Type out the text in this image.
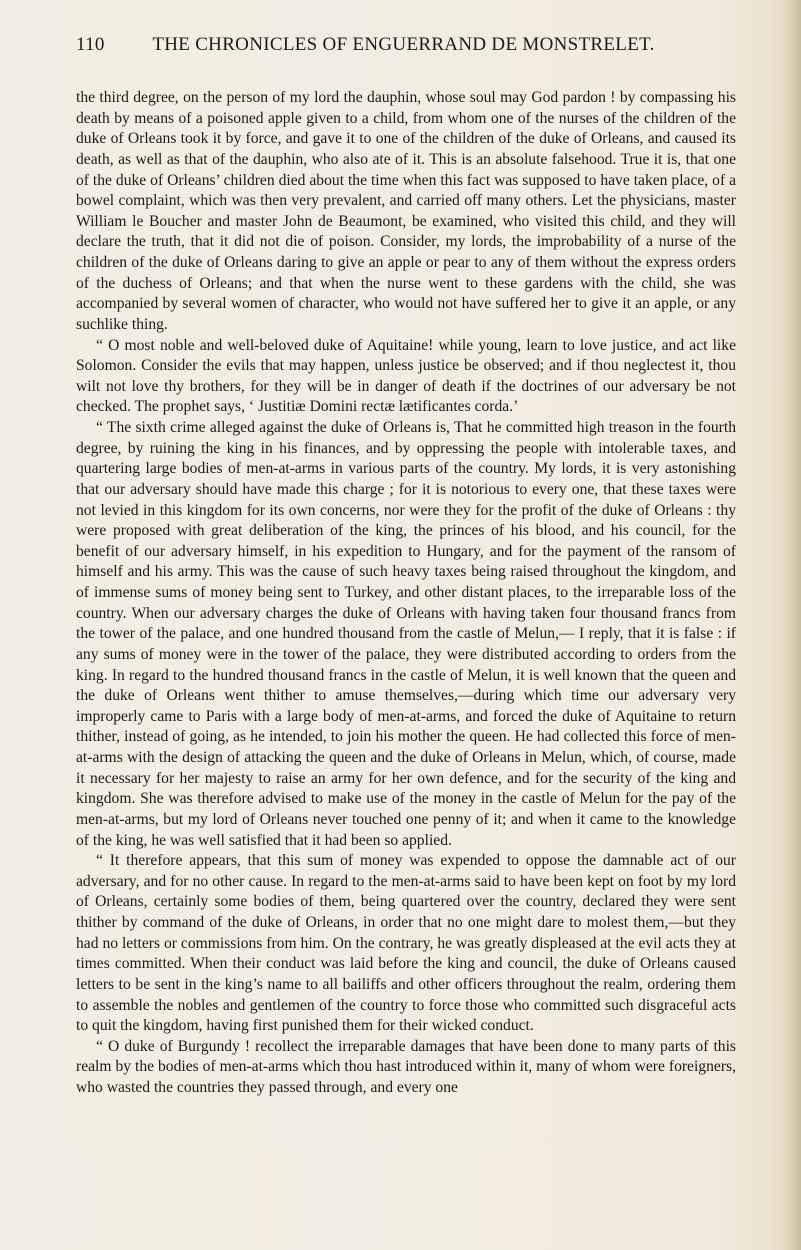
110	THE CHRONICLES OF ENGUERRAND DE MONSTRELET.

the third degree, on the person of my lord the dauphin, whose soul may God pardon ! by compassing his death by means of a poisoned apple given to a child, from whom one of the nurses of the children of the duke of Orleans took it by force, and gave it to one of the children of the duke of Orleans, and caused its death, as well as that of the dauphin, who also ate of it. This is an absolute falsehood. True it is, that one of the duke of Orleans’ children died about the time when this fact was supposed to have taken place, of a bowel complaint, which was then very prevalent, and carried off many others. Let the physicians, master William le Boucher and master John de Beaumont, be examined, who visited this child, and they will declare the truth, that it did not die of poison. Consider, my lords, the improbability of a nurse of the children of the duke of Orleans daring to give an apple or pear to any of them without the express orders of the duchess of Orleans; and that when the nurse went to these gardens with the child, she was accompanied by several women of character, who would not have suffered her to give it an apple, or any suchlike thing.

“ O most noble and well-beloved duke of Aquitaine! while young, learn to love justice, and act like Solomon. Consider the evils that may happen, unless justice be observed; and if thou neglectest it, thou wilt not love thy brothers, for they will be in danger of death if the doctrines of our adversary be not checked. The prophet says, ‘ Justitiæ Domini rectæ lætificantes corda.’

“ The sixth crime alleged against the duke of Orleans is, That he committed high treason in the fourth degree, by ruining the king in his finances, and by oppressing the people with intolerable taxes, and quartering large bodies of men-at-arms in various parts of the country. My lords, it is very astonishing that our adversary should have made this charge ; for it is notorious to every one, that these taxes were not levied in this kingdom for its own concerns, nor were they for the profit of the duke of Orleans : thy were proposed with great deliberation of the king, the princes of his blood, and his council, for the benefit of our adversary himself, in his expedition to Hungary, and for the payment of the ransom of himself and his army. This was the cause of such heavy taxes being raised throughout the kingdom, and of immense sums of money being sent to Turkey, and other distant places, to the irreparable loss of the country. When our adversary charges the duke of Orleans with having taken four thousand francs from the tower of the palace, and one hundred thousand from the castle of Melun,— I reply, that it is false : if any sums of money were in the tower of the palace, they were distributed according to orders from the king. In regard to the hundred thousand francs in the castle of Melun, it is well known that the queen and the duke of Orleans went thither to amuse themselves,—during which time our adversary very improperly came to Paris with a large body of men-at-arms, and forced the duke of Aquitaine to return thither, instead of going, as he intended, to join his mother the queen. He had collected this force of men-at-arms with the design of attacking the queen and the duke of Orleans in Melun, which, of course, made it necessary for her majesty to raise an army for her own defence, and for the security of the king and kingdom. She was therefore advised to make use of the money in the castle of Melun for the pay of the men-at-arms, but my lord of Orleans never touched one penny of it; and when it came to the knowledge of the king, he was well satisfied that it had been so applied.

“ It therefore appears, that this sum of money was expended to oppose the damnable act of our adversary, and for no other cause. In regard to the men-at-arms said to have been kept on foot by my lord of Orleans, certainly some bodies of them, being quartered over the country, declared they were sent thither by command of the duke of Orleans, in order that no one might dare to molest them,—but they had no letters or commissions from him. On the contrary, he was greatly displeased at the evil acts they at times committed. When their conduct was laid before the king and council, the duke of Orleans caused letters to be sent in the king’s name to all bailiffs and other officers throughout the realm, ordering them to assemble the nobles and gentlemen of the country to force those who committed such disgraceful acts to quit the kingdom, having first punished them for their wicked conduct.

“ O duke of Burgundy ! recollect the irreparable damages that have been done to many parts of this realm by the bodies of men-at-arms which thou hast introduced within it, many of whom were foreigners, who wasted the countries they passed through, and every one
